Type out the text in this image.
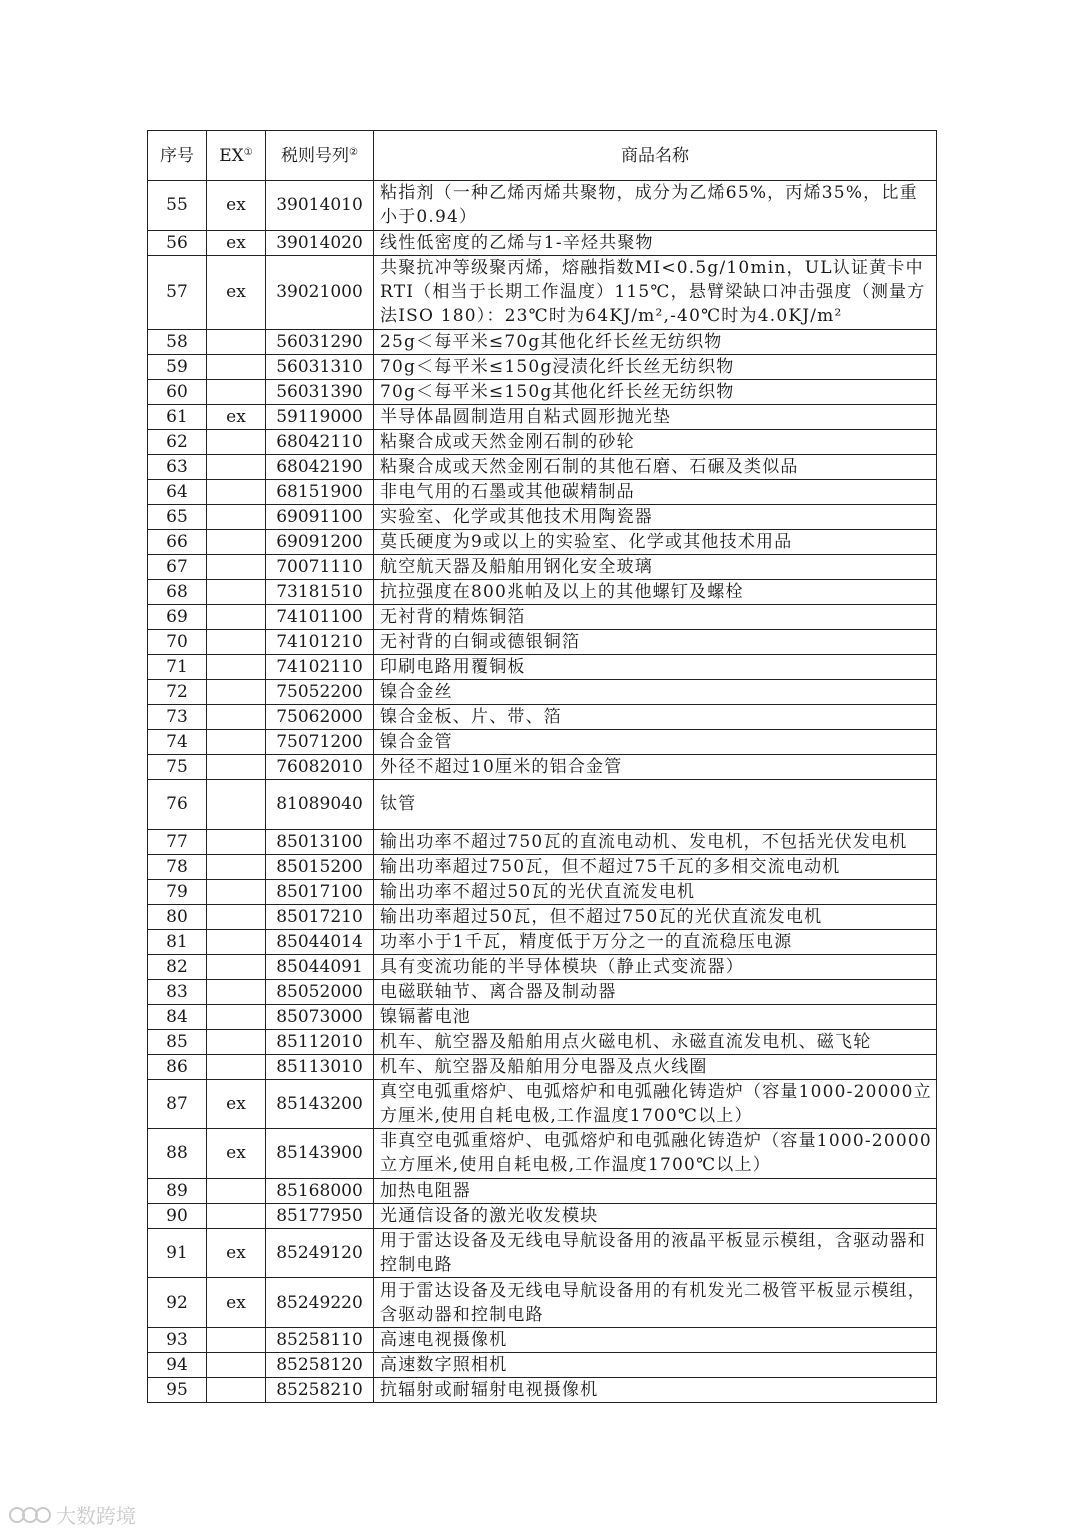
序号	EX①	税则号列②	商品名称
55	ex	39014010	粘指剂（一种乙烯丙烯共聚物，成分为乙烯65%，丙烯35%，比重小于0.94）
56	ex	39014020	线性低密度的乙烯与1-辛烃共聚物
57	ex	39021000	共聚抗冲等级聚丙烯，熔融指数MI<0.5g/10min，UL认证黄卡中RTI（相当于长期工作温度）115℃，悬臂梁缺口冲击强度（测量方法ISO 180）：23℃时为64KJ/m²,-40℃时为4.0KJ/m²
58		56031290	25g＜每平米≤70g其他化纤长丝无纺织物
59		56031310	70g＜每平米≤150g浸渍化纤长丝无纺织物
60		56031390	70g＜每平米≤150g其他化纤长丝无纺织物
61	ex	59119000	半导体晶圆制造用自粘式圆形抛光垫
62		68042110	粘聚合成或天然金刚石制的砂轮
63		68042190	粘聚合成或天然金刚石制的其他石磨、石碾及类似品
64		68151900	非电气用的石墨或其他碳精制品
65		69091100	实验室、化学或其他技术用陶瓷器
66		69091200	莫氏硬度为9或以上的实验室、化学或其他技术用品
67		70071110	航空航天器及船舶用钢化安全玻璃
68		73181510	抗拉强度在800兆帕及以上的其他螺钉及螺栓
69		74101100	无衬背的精炼铜箔
70		74101210	无衬背的白铜或德银铜箔
71		74102110	印刷电路用覆铜板
72		75052200	镍合金丝
73		75062000	镍合金板、片、带、箔
74		75071200	镍合金管
75		76082010	外径不超过10厘米的铝合金管
76		81089040	钛管
77		85013100	输出功率不超过750瓦的直流电动机、发电机，不包括光伏发电机
78		85015200	输出功率超过750瓦，但不超过75千瓦的多相交流电动机
79		85017100	输出功率不超过50瓦的光伏直流发电机
80		85017210	输出功率超过50瓦，但不超过750瓦的光伏直流发电机
81		85044014	功率小于1千瓦，精度低于万分之一的直流稳压电源
82		85044091	具有变流功能的半导体模块（静止式变流器）
83		85052000	电磁联轴节、离合器及制动器
84		85073000	镍镉蓄电池
85		85112010	机车、航空器及船舶用点火磁电机、永磁直流发电机、磁飞轮
86		85113010	机车、航空器及船舶用分电器及点火线圈
87	ex	85143200	真空电弧重熔炉、电弧熔炉和电弧融化铸造炉（容量1000-20000立方厘米,使用自耗电极,工作温度1700℃以上）
88	ex	85143900	非真空电弧重熔炉、电弧熔炉和电弧融化铸造炉（容量1000-20000立方厘米,使用自耗电极,工作温度1700℃以上）
89		85168000	加热电阻器
90		85177950	光通信设备的激光收发模块
91	ex	85249120	用于雷达设备及无线电导航设备用的液晶平板显示模组，含驱动器和控制电路
92	ex	85249220	用于雷达设备及无线电导航设备用的有机发光二极管平板显示模组，含驱动器和控制电路
93		85258110	高速电视摄像机
94		85258120	高速数字照相机
95		85258210	抗辐射或耐辐射电视摄像机
大数跨境
